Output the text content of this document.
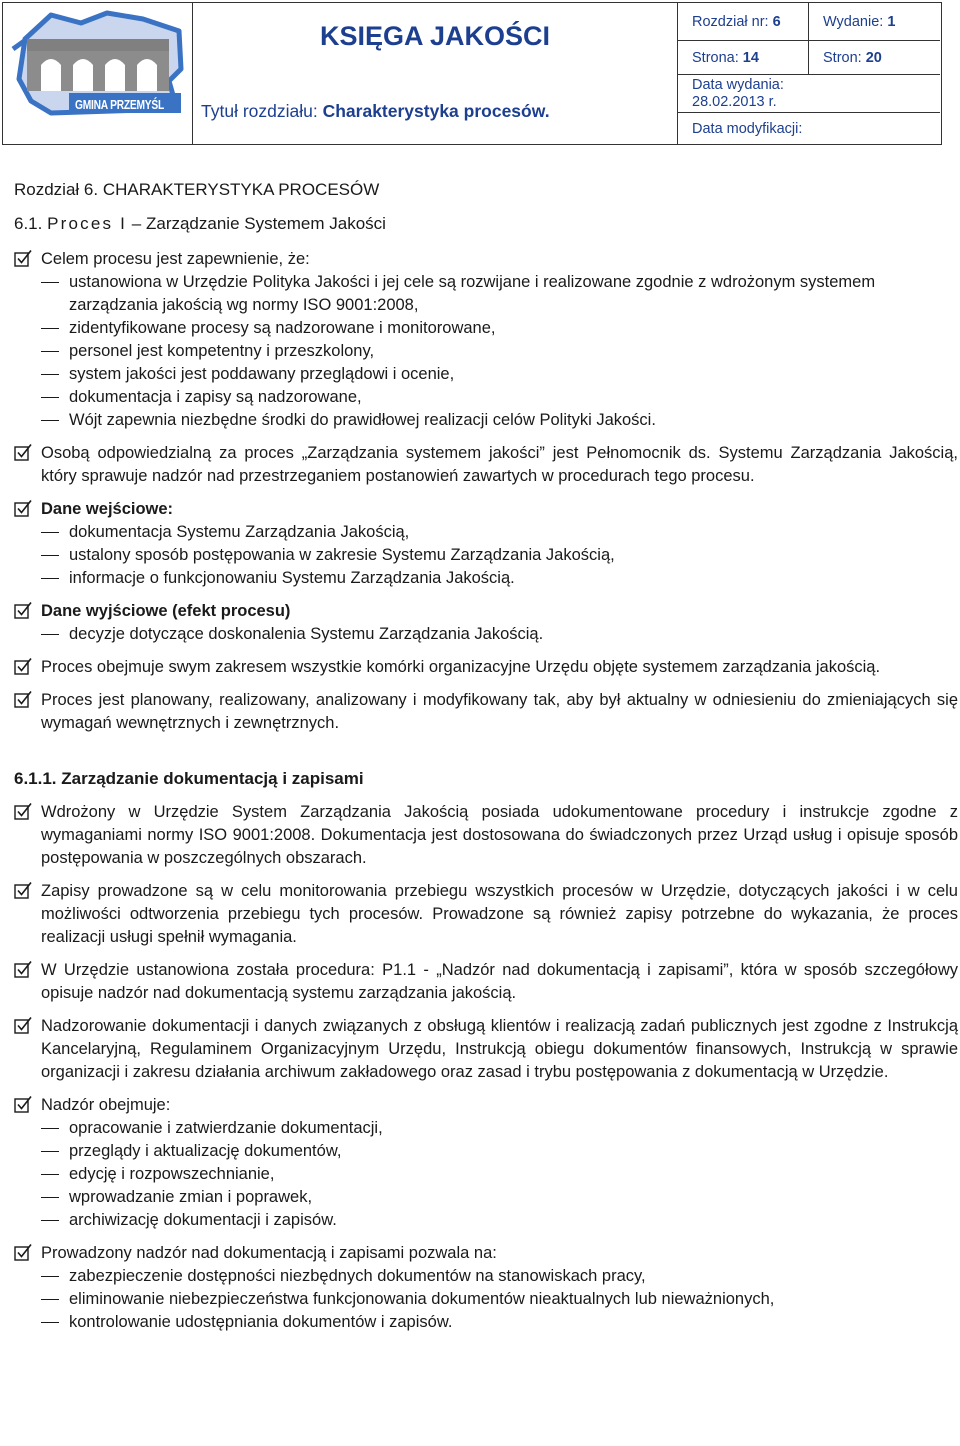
GMINA PRZEMYŚL
KSIĘGA JAKOŚCI
Tytuł rozdziału: Charakterystyka procesów.
Rozdział nr: 6	Wydanie: 1
Strona: 14	Stron: 20
Data wydania:
28.02.2013 r.
Data modyfikacji:
Rozdział 6. CHARAKTERYSTYKA PROCESÓW
6.1. Proces I – Zarządzanie Systemem Jakości

Celem procesu jest zapewnienie, że:

ustanowiona w Urzędzie Polityka Jakości i jej cele są rozwijane i realizowane zgodnie z wdrożonym systemem zarządzania jakością wg normy ISO 9001:2008,
zidentyfikowane procesy są nadzorowane i monitorowane,
personel jest kompetentny i przeszkolony,
system jakości jest poddawany przeglądowi i ocenie,
dokumentacja i zapisy są nadzorowane,
Wójt zapewnia niezbędne środki do prawidłowej realizacji celów Polityki Jakości.

Osobą odpowiedzialną za proces „Zarządzania systemem jakości” jest Pełnomocnik ds. Systemu Zarządzania Jakością, który sprawuje nadzór nad przestrzeganiem postanowień zawartych w procedurach tego procesu.

Dane wejściowe:

dokumentacja Systemu Zarządzania Jakością,
ustalony sposób postępowania w zakresie Systemu Zarządzania Jakością,
informacje o funkcjonowaniu Systemu Zarządzania Jakością.

Dane wyjściowe (efekt procesu)

decyzje dotyczące doskonalenia Systemu Zarządzania Jakością.

Proces obejmuje swym zakresem wszystkie komórki organizacyjne Urzędu objęte systemem zarządzania jakością.

Proces jest planowany, realizowany, analizowany i modyfikowany tak, aby był aktualny w odniesieniu do zmieniających się wymagań wewnętrznych i zewnętrznych.

6.1.1. Zarządzanie dokumentacją i zapisami

Wdrożony w Urzędzie System Zarządzania Jakością posiada udokumentowane procedury i instrukcje zgodne z wymaganiami normy ISO 9001:2008. Dokumentacja jest dostosowana do świadczonych przez Urząd usług i opisuje sposób postępowania w poszczególnych obszarach.

Zapisy prowadzone są w celu monitorowania przebiegu wszystkich procesów w Urzędzie, dotyczących jakości i w celu możliwości odtworzenia przebiegu tych procesów. Prowadzone są również zapisy potrzebne do wykazania, że proces realizacji usługi spełnił wymagania.

W Urzędzie ustanowiona została procedura: P1.1 - „Nadzór nad dokumentacją i zapisami”, która w sposób szczegółowy opisuje nadzór nad dokumentacją systemu zarządzania jakością.

Nadzorowanie dokumentacji i danych związanych z obsługą klientów i realizacją zadań publicznych jest zgodne z Instrukcją Kancelaryjną, Regulaminem Organizacyjnym Urzędu, Instrukcją obiegu dokumentów finansowych, Instrukcją w sprawie organizacji i zakresu działania archiwum zakładowego oraz zasad i trybu postępowania z dokumentacją w Urzędzie.

Nadzór obejmuje:

opracowanie i zatwierdzanie dokumentacji,
przeglądy i aktualizację dokumentów,
edycję i rozpowszechnianie,
wprowadzanie zmian i poprawek,
archiwizację dokumentacji i zapisów.

Prowadzony nadzór nad dokumentacją i zapisami pozwala na:

zabezpieczenie dostępności niezbędnych dokumentów na stanowiskach pracy,
eliminowanie niebezpieczeństwa funkcjonowania dokumentów nieaktualnych lub nieważnionych,
kontrolowanie udostępniania dokumentów i zapisów.
